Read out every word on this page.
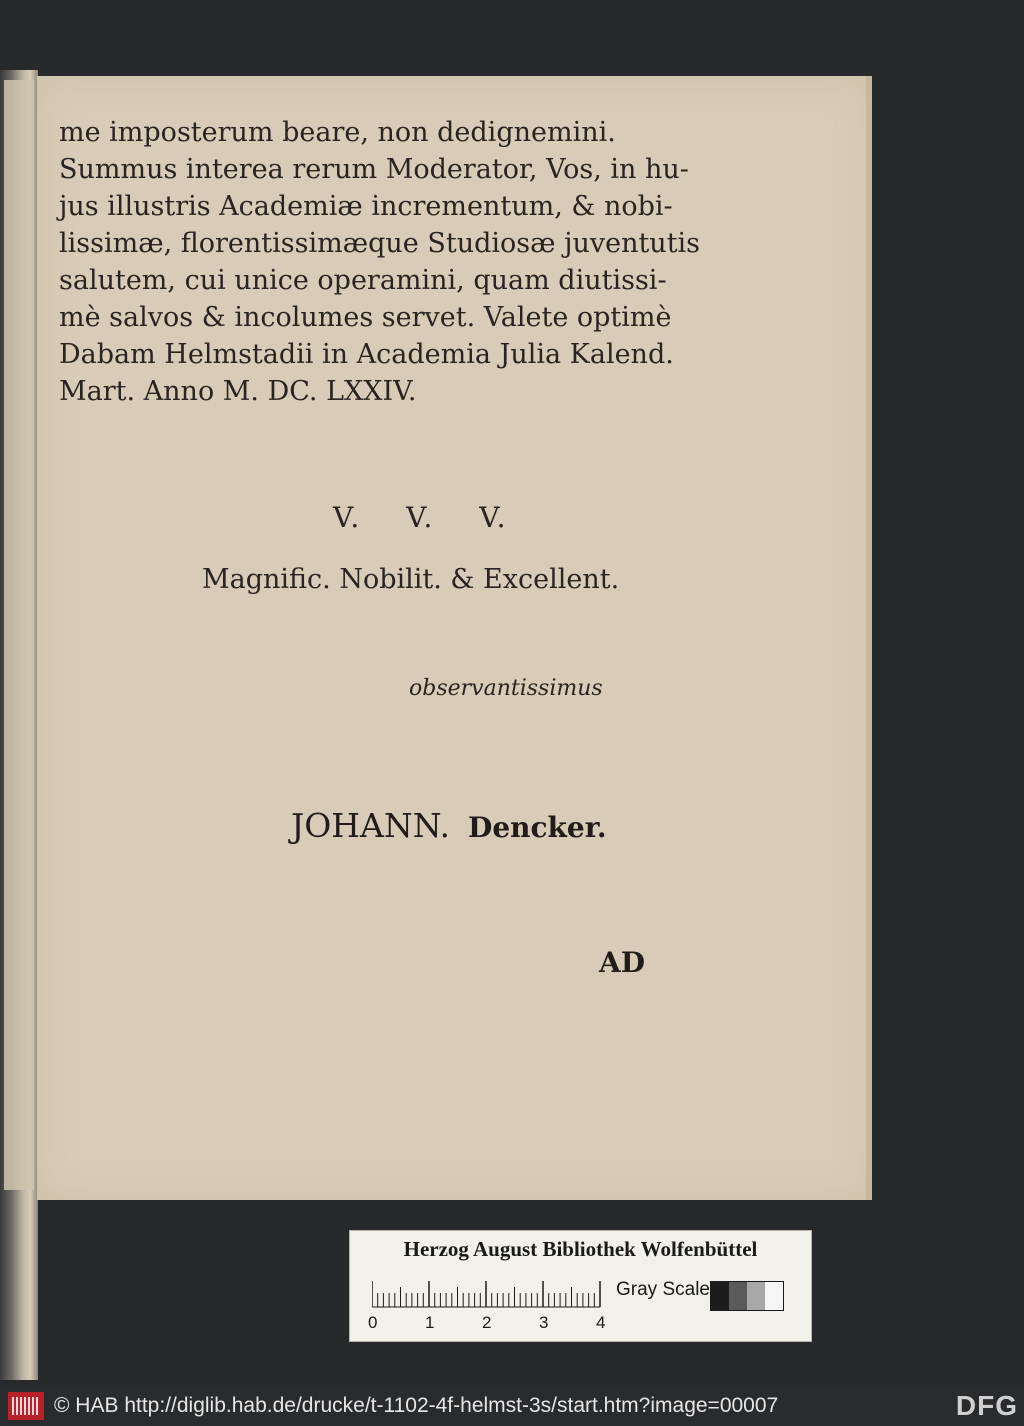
me imposterum beare, non dedignemini.
Summus interea rerum Moderator, Vos, in hu-
jus illustris Academiæ incrementum, & nobi-
lissimæ, florentissimæque Studiosæ juventutis
salutem, cui unice operamini, quam diutissi-
mè salvos & incolumes servet. Valete optimè
Dabam Helmstadii in Academia Julia Kalend.
Mart. Anno M. DC. LXXIV.
V. V. V.
Magnific. Nobilit. & Excellent.
observantissimus
JOHANN. Dencker.
AD
Herzog August Bibliothek Wolfenbüttel
0	1	2	3	4
Gray Scale
© HAB http://diglib.hab.de/drucke/t-1102-4f-helmst-3s/start.htm?image=00007	DFG
